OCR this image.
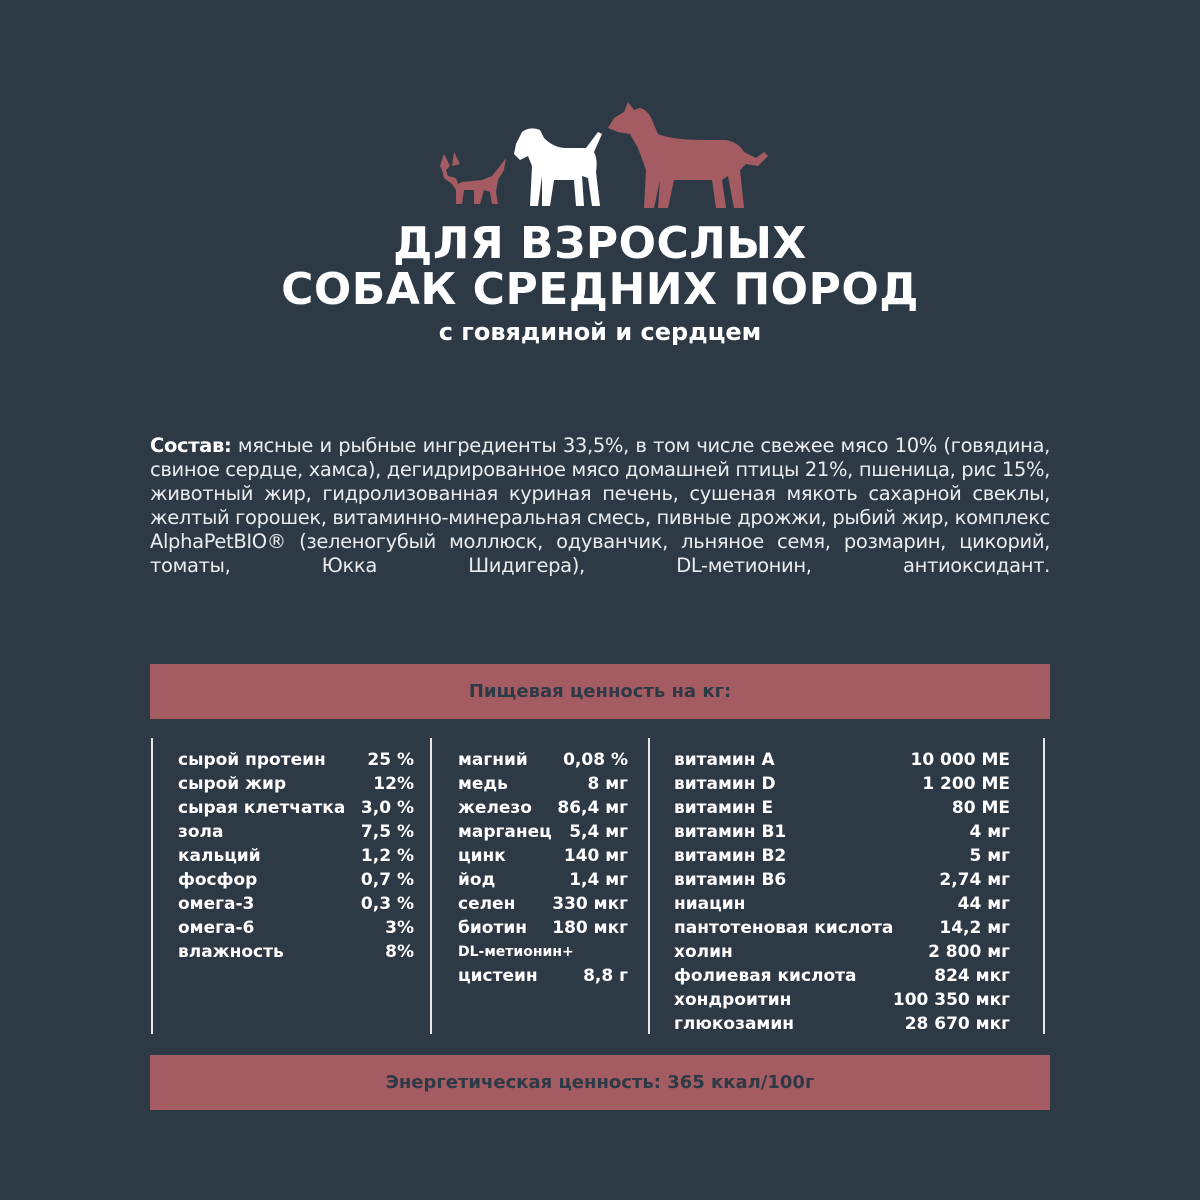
ДЛЯ ВЗРОСЛЫХ
СОБАК СРЕДНИХ ПОРОД
с говядиной и сердцем
Состав: мясные и рыбные ингредиенты 33,5%, в том числе свежее мясо 10% (говядина, свиное сердце, хамса), дегидрированное мясо домашней птицы 21%, пшеница, рис 15%, животный жир, гидролизованная куриная печень, сушеная мякоть сахарной свеклы, желтый горошек, витаминно-минеральная смесь, пивные дрожжи, рыбий жир, комплекс AlphaPetBIO® (зеленогубый моллюск, одуванчик, льняное семя, розмарин, цикорий, томаты, Юкка Шидигера), DL-метионин, антиоксидант.
Пищевая ценность на кг:
сырой протеин 25 %
сырой жир	12%
сырая клетчатка 3,0 %
зола	7,5 %
кальций	1,2 %
фосфор	0,7 %
омега-3	0,3 %
омега-6	3%
влажность	8%
магний 0,08 %
медь	8 мг
железо 86,4 мг
марганец 5,4 мг
цинк	140 мг
йод	1,4 мг
селен 330 мкг
биотин 180 мкг
DL-метионин+
цистеин	8,8 г
витамин А	10 000 МЕ
витамин D	1 200 МЕ
витамин Е	80 МЕ
витамин В1	4 мг
витамин В2	5 мг
витамин В6	2,74 мг
ниацин	44 мг
пантотеновая кислота	14,2 мг
холин	2 800 мг
фолиевая кислота	824 мкг
хондроитин	100 350 мкг
глюкозамин	28 670 мкг
Энергетическая ценность: 365 ккал/100г
